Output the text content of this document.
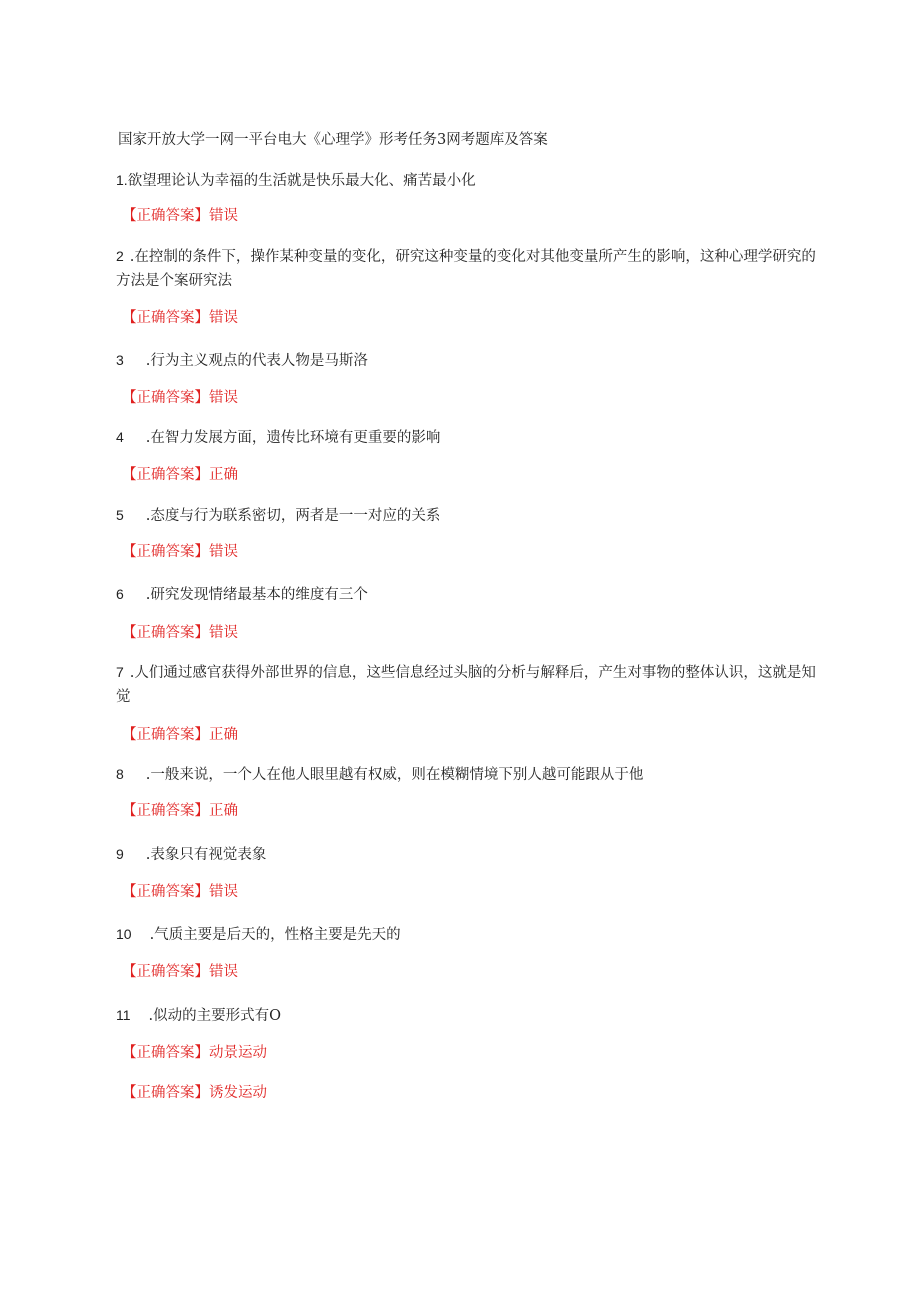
国家开放大学一网一平台电大《心理学》形考任务3网考题库及答案
1.欲望理论认为幸福的生活就是快乐最大化、痛苦最小化
【正确答案】错误
2 .在控制的条件下，操作某种变量的变化，研究这种变量的变化对其他变量所产生的影响，这种心理学研究的方法是个案研究法
【正确答案】错误
3 .行为主义观点的代表人物是马斯洛
【正确答案】错误
4 .在智力发展方面，遗传比环境有更重要的影响
【正确答案】正确
5 .态度与行为联系密切，两者是一一对应的关系
【正确答案】错误
6 .研究发现情绪最基本的维度有三个
【正确答案】错误
7 .人们通过感官获得外部世界的信息，这些信息经过头脑的分析与解释后，产生对事物的整体认识，这就是知觉
【正确答案】正确
8 .一般来说，一个人在他人眼里越有权威，则在模糊情境下别人越可能跟从于他
【正确答案】正确
9 .表象只有视觉表象
【正确答案】错误
10 .气质主要是后天的，性格主要是先天的
【正确答案】错误
11 .似动的主要形式有O
【正确答案】动景运动
【正确答案】诱发运动
